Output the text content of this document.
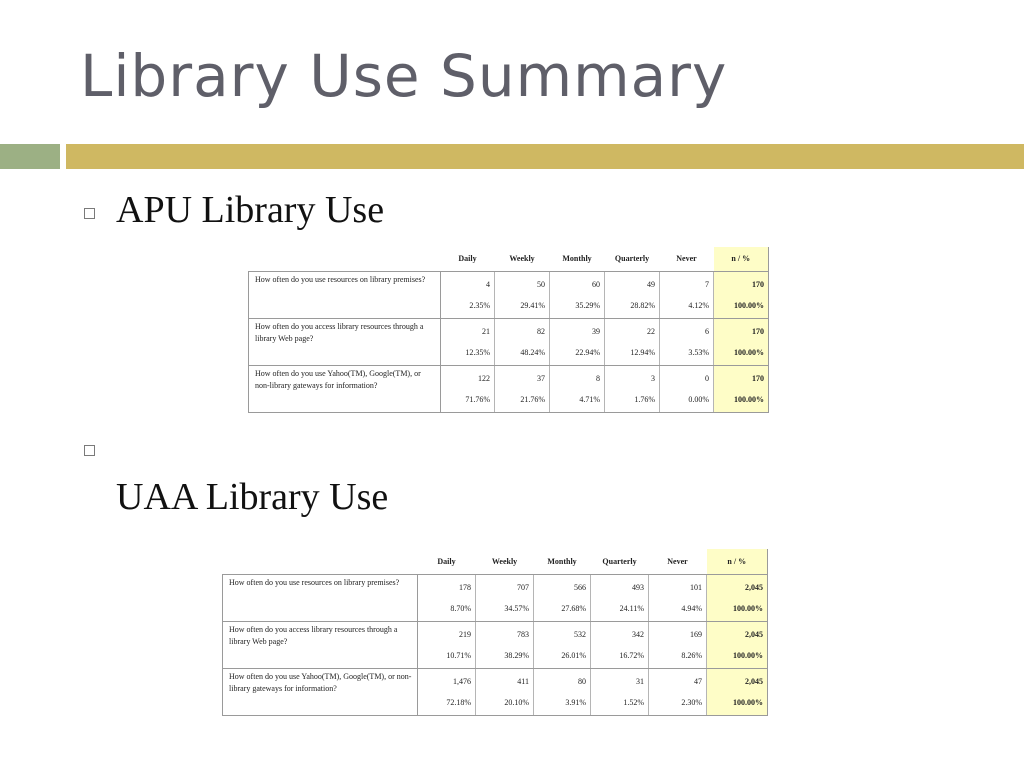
Library Use Summary
APU Library Use
	Daily	Weekly	Monthly	Quarterly	Never	n / %
How often do you use resources on library premises?	4	50	60	49	7	170
	2.35%	29.41%	35.29%	28.82%	4.12%	100.00%
How often do you access library resources through a library Web page?	21	82	39	22	6	170
	12.35%	48.24%	22.94%	12.94%	3.53%	100.00%
How often do you use Yahoo(TM), Google(TM), or non-library gateways for information?	122	37	8	3	0	170
	71.76%	21.76%	4.71%	1.76%	0.00%	100.00%
UAA Library Use
	Daily	Weekly	Monthly	Quarterly	Never	n / %
How often do you use resources on library premises?	178	707	566	493	101	2,045
	8.70%	34.57%	27.68%	24.11%	4.94%	100.00%
How often do you access library resources through a library Web page?	219	783	532	342	169	2,045
	10.71%	38.29%	26.01%	16.72%	8.26%	100.00%
How often do you use Yahoo(TM), Google(TM), or non-library gateways for information?	1,476	411	80	31	47	2,045
	72.18%	20.10%	3.91%	1.52%	2.30%	100.00%
